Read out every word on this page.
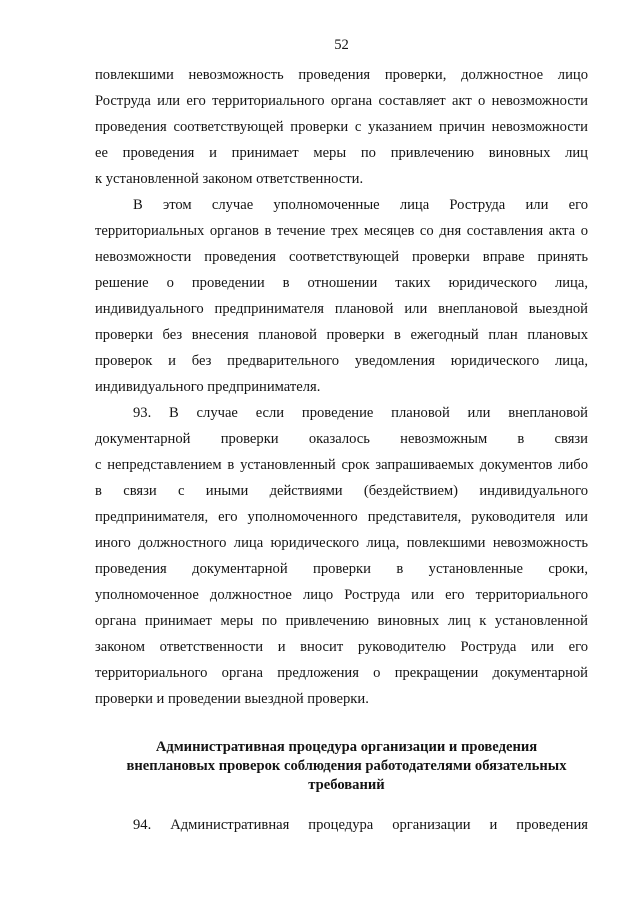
52
повлекшими невозможность проведения проверки, должностное лицо
Роструда или его территориального органа составляет акт о невозможности
проведения соответствующей проверки с указанием причин невозможности
ее проведения и принимает меры по привлечению виновных лиц
к установленной законом ответственности.
В этом случае уполномоченные лица Роструда или его
территориальных органов в течение трех месяцев со дня составления акта о
невозможности проведения соответствующей проверки вправе принять
решение о проведении в отношении таких юридического лица,
индивидуального предпринимателя плановой или внеплановой выездной
проверки без внесения плановой проверки в ежегодный план плановых
проверок и без предварительного уведомления юридического лица,
индивидуального предпринимателя.
93. В случае если проведение плановой или внеплановой
документарной проверки оказалось невозможным в связи
с непредставлением в установленный срок запрашиваемых документов либо
в связи с иными действиями (бездействием) индивидуального
предпринимателя, его уполномоченного представителя, руководителя или
иного должностного лица юридического лица, повлекшими невозможность
проведения документарной проверки в установленные сроки,
уполномоченное должностное лицо Роструда или его территориального
органа принимает меры по привлечению виновных лиц к установленной
законом ответственности и вносит руководителю Роструда или его
территориального органа предложения о прекращении документарной
проверки и проведении выездной проверки.
Административная процедура организации и проведения
внеплановых проверок соблюдения работодателями обязательных
требований
94. Административная процедура организации и проведения
